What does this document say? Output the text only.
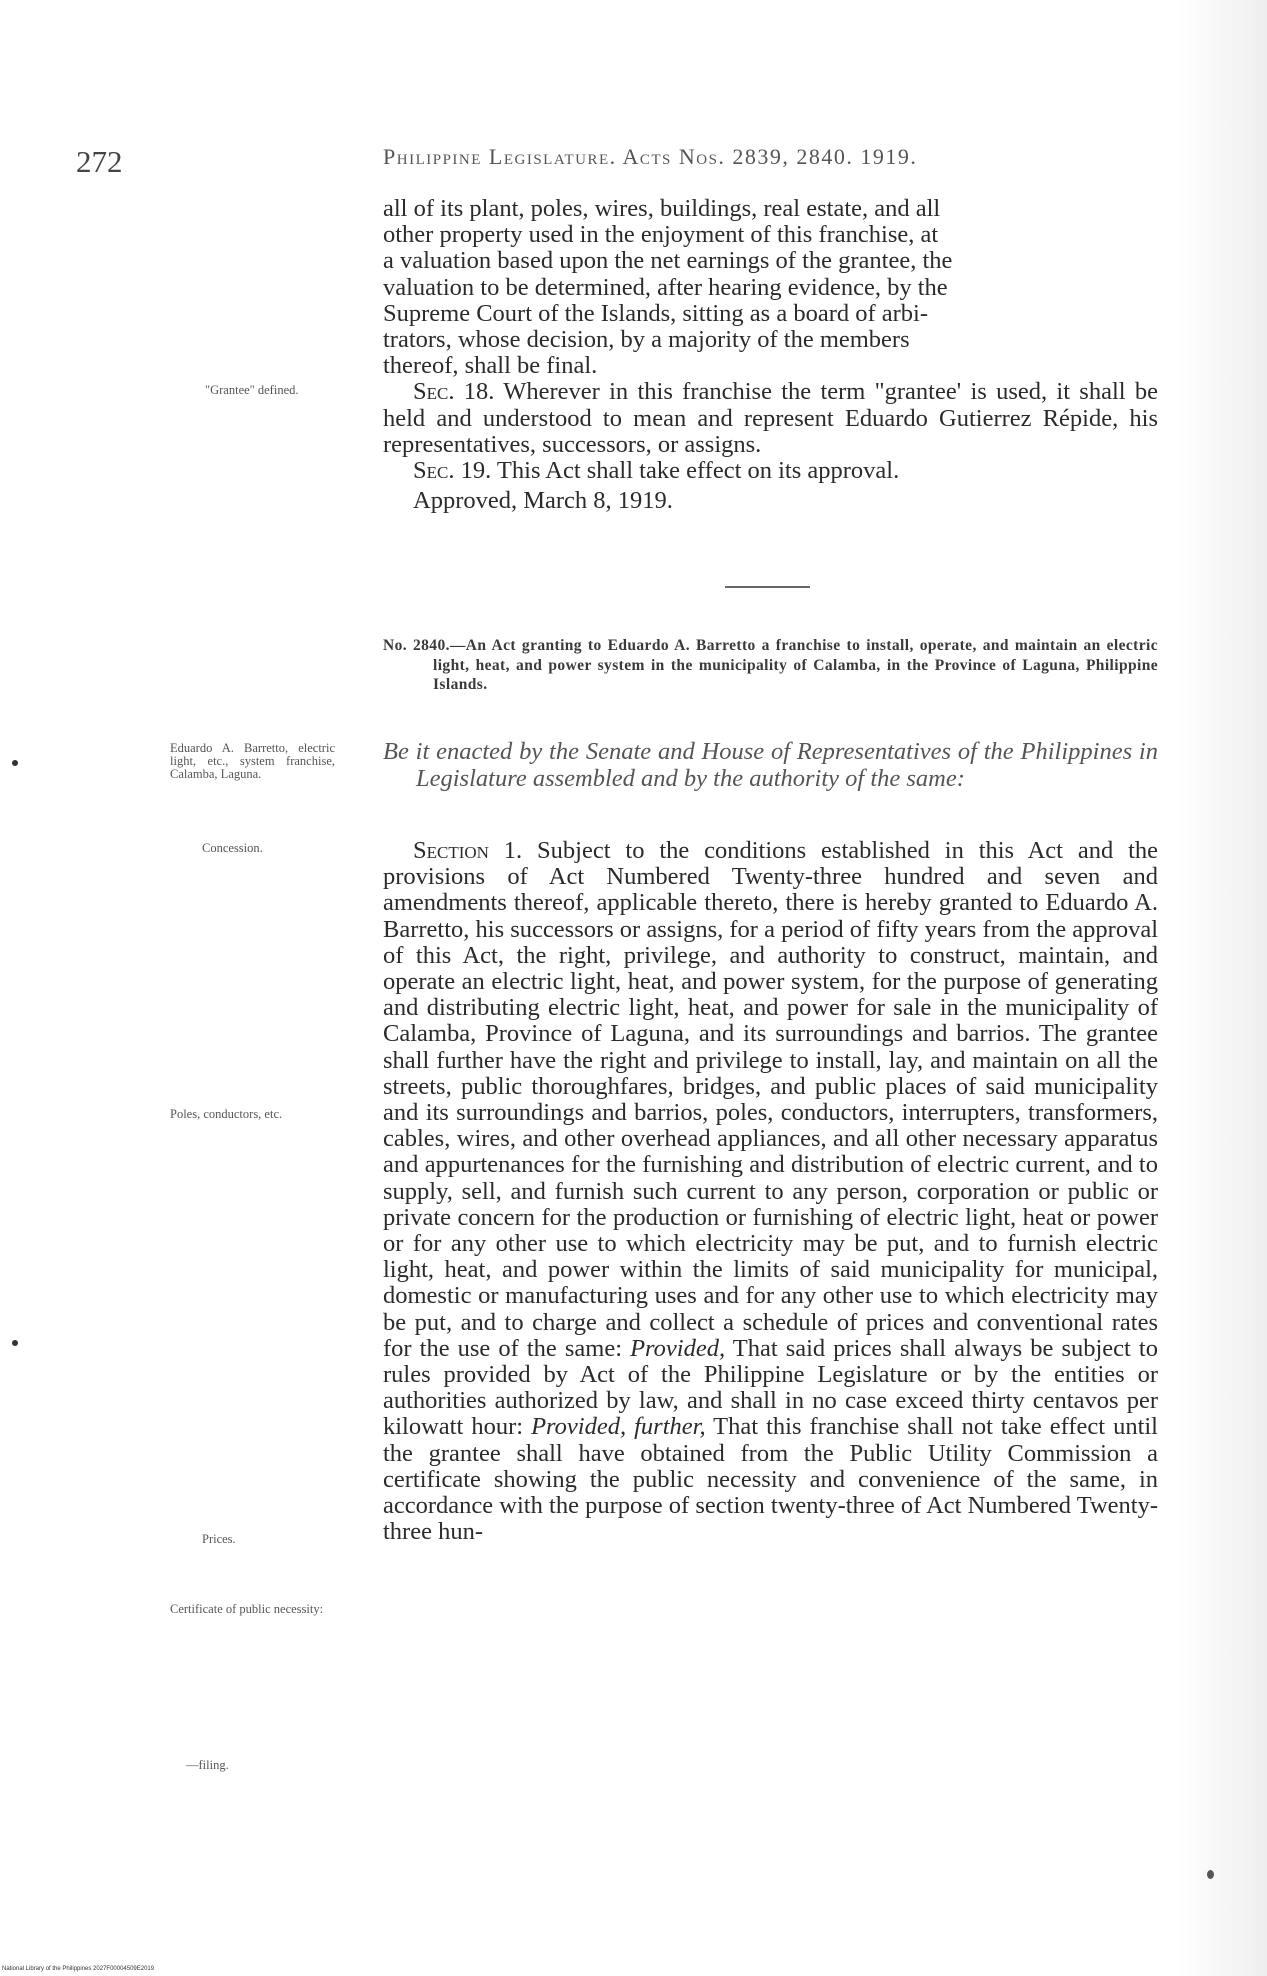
272	Philippine Legislature. Acts Nos. 2839, 2840. 1919.
all of its plant, poles, wires, buildings, real estate, and all
other property used in the enjoyment of this franchise, at
a valuation based upon the net earnings of the grantee, the
valuation to be determined, after hearing evidence, by the
Supreme Court of the Islands, sitting as a board of arbi-
trators, whose decision, by a majority of the members
thereof, shall be final.

Sec. 18. Wherever in this franchise the term "grantee' is used, it shall be held and understood to mean and represent Eduardo Gutierrez Répide, his representatives, successors, or assigns.

Sec. 19. This Act shall take effect on its approval.

Approved, March 8, 1919.

No. 2840.—An Act granting to Eduardo A. Barretto a franchise to install, operate, and maintain an electric light, heat, and power system in the municipality of Calamba, in the Province of Laguna, Philippine Islands.
Be it enacted by the Senate and House of Representatives of the Philippines in Legislature assembled and by the authority of the same:

Section 1. Subject to the conditions established in this Act and the provisions of Act Numbered Twenty-three hundred and seven and amendments thereof, applicable thereto, there is hereby granted to Eduardo A. Barretto, his successors or assigns, for a period of fifty years from the approval of this Act, the right, privilege, and authority to construct, maintain, and operate an electric light, heat, and power system, for the purpose of generating and distributing electric light, heat, and power for sale in the municipality of Calamba, Province of Laguna, and its surroundings and barrios. The grantee shall further have the right and privilege to install, lay, and maintain on all the streets, public thoroughfares, bridges, and public places of said municipality and its surroundings and barrios, poles, conductors, interrupters, transformers, cables, wires, and other overhead appliances, and all other necessary apparatus and appurtenances for the furnishing and distribution of electric current, and to supply, sell, and furnish such current to any person, corporation or public or private concern for the production or furnishing of electric light, heat or power or for any other use to which electricity may be put, and to furnish electric light, heat, and power within the limits of said municipality for municipal, domestic or manufacturing uses and for any other use to which electricity may be put, and to charge and collect a schedule of prices and conventional rates for the use of the same: Provided, That said prices shall always be subject to rules provided by Act of the Philippine Legislature or by the entities or authorities authorized by law, and shall in no case exceed thirty centavos per kilowatt hour: Provided, further, That this franchise shall not take effect until the grantee shall have obtained from the Public Utility Commission a certificate showing the public necessity and convenience of the same, in accordance with the purpose of section twenty-three of Act Numbered Twenty-three hun-

"Grantee" defined.
Eduardo A. Barretto, electric light, etc., system franchise, Calamba, Laguna.
Concession.
Poles, conductors, etc.
Prices.
Certificate of public necessity:
—filing.
National Library of the Philippines 2027F00004509E2019
